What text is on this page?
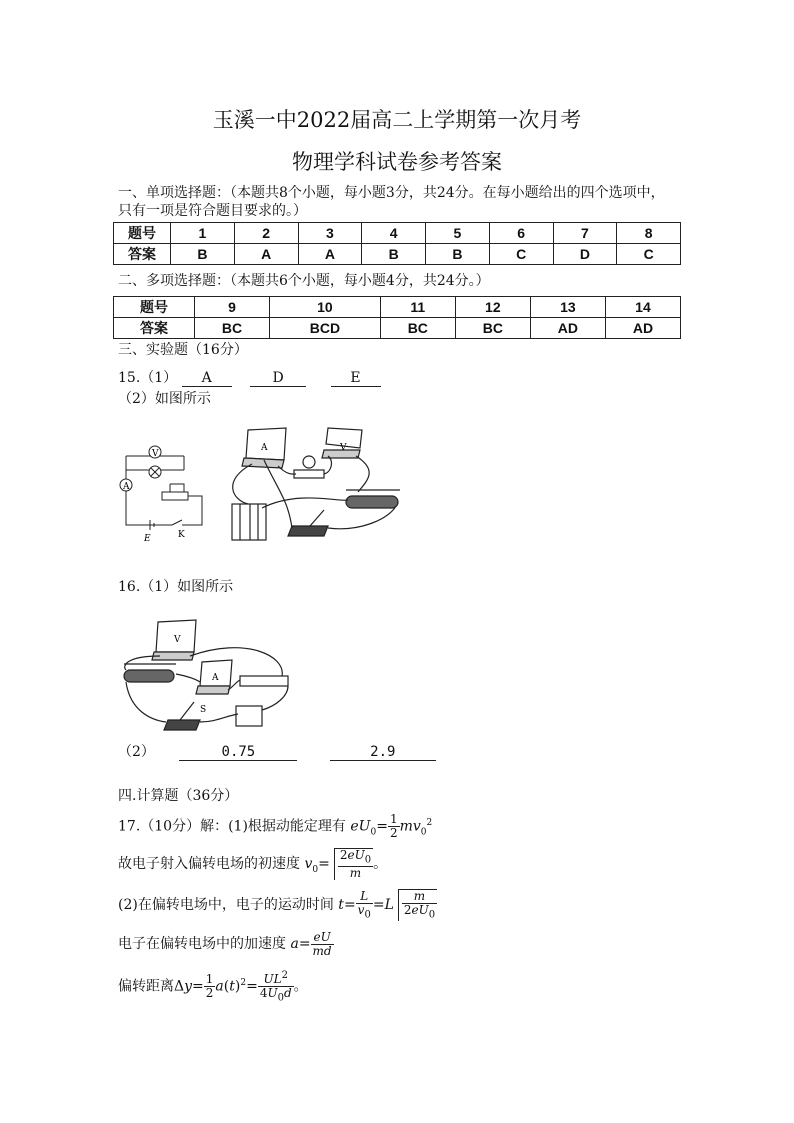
玉溪一中2022届高二上学期第一次月考
物理学科试卷参考答案
一、单项选择题：（本题共8个小题，每小题3分，共24分。在每小题给出的四个选项中，
只有一项是符合题目要求的。）
题号	1	2	3	4	5	6	7	8
答案	B	A	A	B	B	C	D	C
二、多项选择题：（本题共6个小题，每小题4分，共24分。）
题号	9	10	11	12	13	14
答案	BC	BCD	BC	BC	AD	AD
三、实验题（16分）
15.（1） A	D	E
（2）如图所示
V
A
E	K
A	V
16.（1）如图所示
V
A
S
（2）	0.75	2.9
四.计算题（36分）
17.（10分）解：(1)根据动能定理有 $eU_0= \frac{1}{2} mv_0^2$
故电子射入偏转电场的初速度 $v_0= \frac{2eU_0}{m}$ 。
(2)在偏转电场中，电子的运动时间 $t= \frac{L}{v_0} =L \frac{m}{2eU_0}$
电子在偏转电场中的加速度 $a= \frac{eU}{md}$
偏转距离$\Delta y= \frac{1}{2} a(t)^2= \frac{UL^2}{4U_0d}$ 。
